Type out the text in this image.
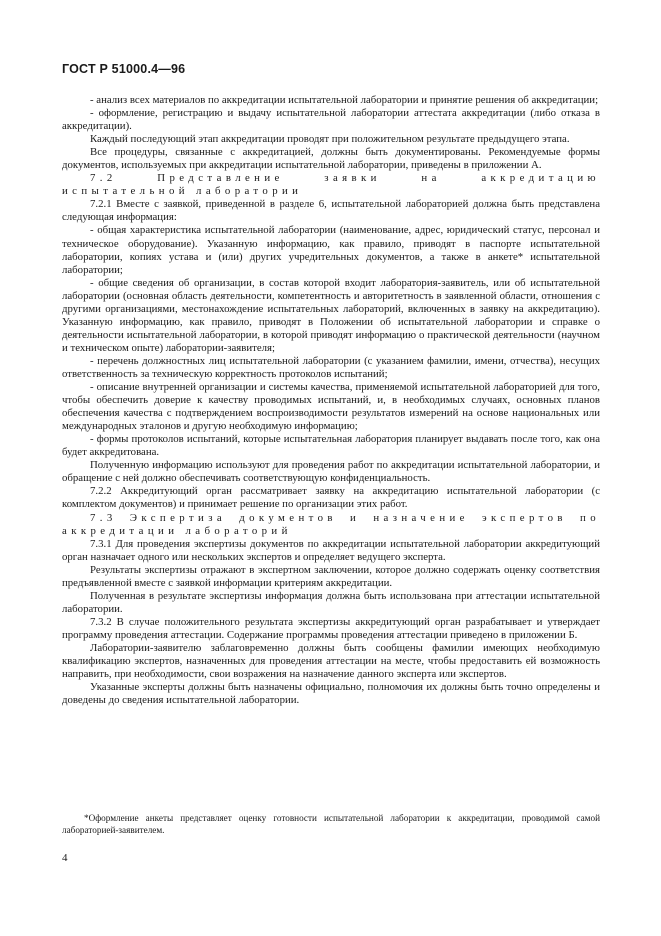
ГОСТ Р 51000.4—96

- анализ всех материалов по аккредитации испытательной лаборатории и принятие решения об аккредитации;

- оформление, регистрацию и выдачу испытательной лаборатории аттестата аккредитации (либо отказа в аккредитации).

Каждый последующий этап аккредитации проводят при положительном результате предыдущего этапа.

Все процедуры, связанные с аккредитацией, должны быть документированы. Рекомендуемые формы документов, используемых при аккредитации испытательной лаборатории, приведены в приложении А.

7.2 Представление заявки на аккредитацию испытательной лаборатории

7.2.1 Вместе с заявкой, приведенной в разделе 6, испытательной лабораторией должна быть представлена следующая информация:

- общая характеристика испытательной лаборатории (наименование, адрес, юридический статус, персонал и техническое оборудование). Указанную информацию, как правило, приводят в паспорте испытательной лаборатории, копиях устава и (или) других учредительных документов, а также в анкете* испытательной лаборатории;

- общие сведения об организации, в состав которой входит лаборатория-заявитель, или об испытательной лаборатории (основная область деятельности, компетентность и авторитетность в заявленной области, отношения с другими организациями, местонахождение испытательных лабораторий, включенных в заявку на аккредитацию). Указанную информацию, как правило, приводят в Положении об испытательной лаборатории и справке о деятельности испытательной лаборатории, в которой приводят информацию о практической деятельности (научном и техническом опыте) лаборатории-заявителя;

- перечень должностных лиц испытательной лаборатории (с указанием фамилии, имени, отчества), несущих ответственность за техническую корректность протоколов испытаний;

- описание внутренней организации и системы качества, применяемой испытательной лабораторией для того, чтобы обеспечить доверие к качеству проводимых испытаний, и, в необходимых случаях, основных планов обеспечения качества с подтверждением воспроизводимости результатов измерений на основе национальных или международных эталонов и другую необходимую информацию;

- формы протоколов испытаний, которые испытательная лаборатория планирует выдавать после того, как она будет аккредитована.

Полученную информацию используют для проведения работ по аккредитации испытательной лаборатории, и обращение с ней должно обеспечивать соответствующую конфиденциальность.

7.2.2 Аккредитующий орган рассматривает заявку на аккредитацию испытательной лаборатории (с комплектом документов) и принимает решение по организации этих работ.

7.3 Экспертиза документов и назначение экспертов по аккредитации лабораторий

7.3.1 Для проведения экспертизы документов по аккредитации испытательной лаборатории аккредитующий орган назначает одного или нескольких экспертов и определяет ведущего эксперта.

Результаты экспертизы отражают в экспертном заключении, которое должно содержать оценку соответствия предъявленной вместе с заявкой информации критериям аккредитации.

Полученная в результате экспертизы информация должна быть использована при аттестации испытательной лаборатории.

7.3.2 В случае положительного результата экспертизы аккредитующий орган разрабатывает и утверждает программу проведения аттестации. Содержание программы проведения аттестации приведено в приложении Б.

Лаборатории-заявителю заблаговременно должны быть сообщены фамилии имеющих необходимую квалификацию экспертов, назначенных для проведения аттестации на месте, чтобы предоставить ей возможность направить, при необходимости, свои возражения на назначение данного эксперта или экспертов.

Указанные эксперты должны быть назначены официально, полномочия их должны быть точно определены и доведены до сведения испытательной лаборатории.

*Оформление анкеты представляет оценку готовности испытательной лаборатории к аккредитации, проводимой самой лабораторией-заявителем.

4
